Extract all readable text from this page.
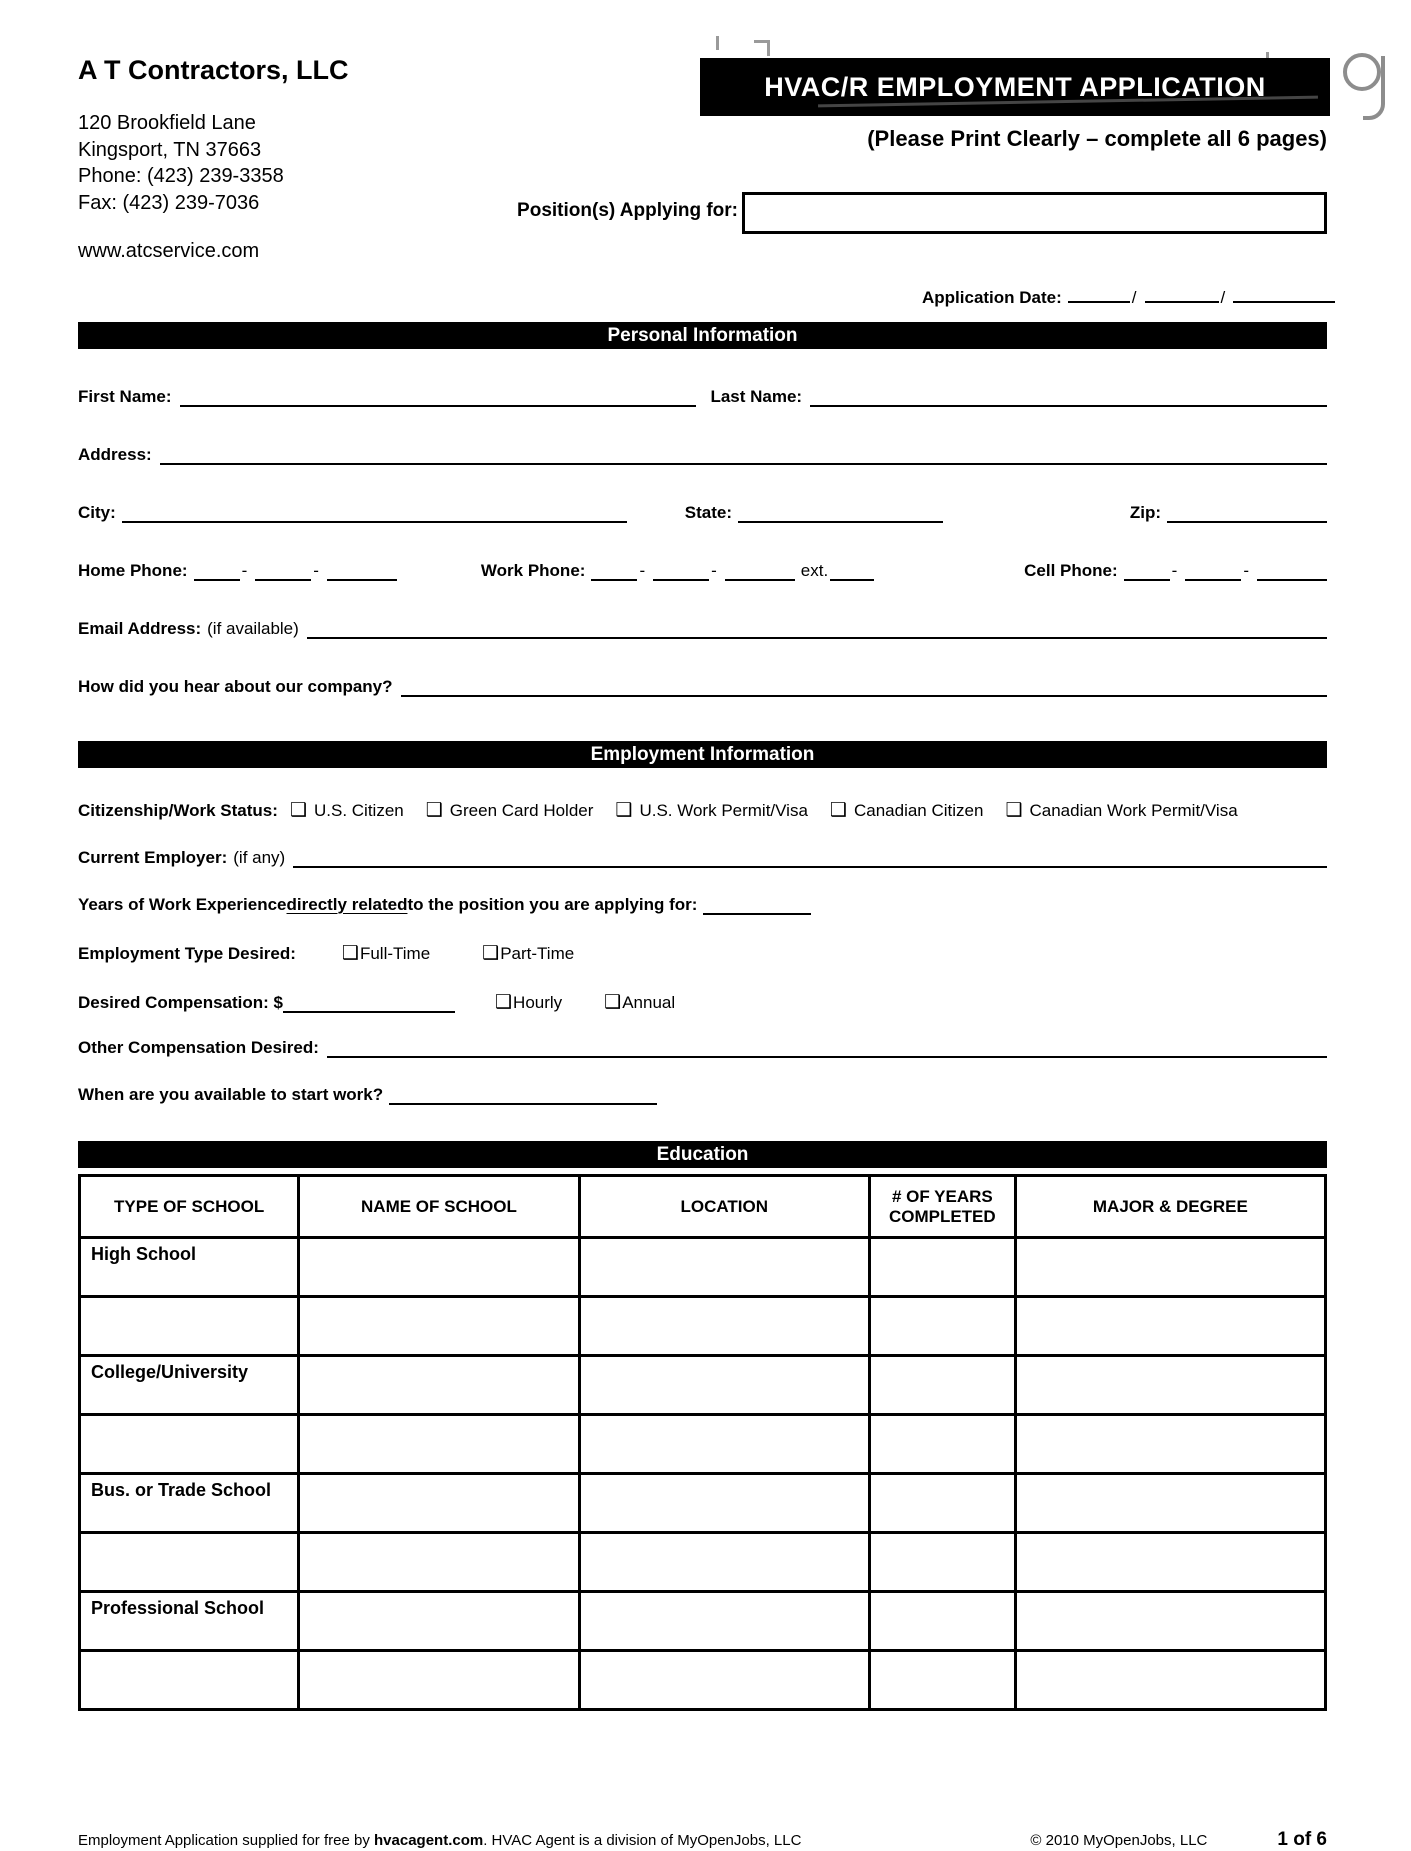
A T Contractors, LLC
120 Brookfield Lane
Kingsport, TN 37663
Phone: (423) 239-3358
Fax: (423) 239-7036
www.atcservice.com
HVAC/R EMPLOYMENT APPLICATION
(Please Print Clearly – complete all 6 pages)
Position(s) Applying for:
Application Date:	/	/
Personal Information
First Name:	Last Name:
Address:
City:	State:	Zip:
Home Phone:	-	-	Work Phone:	-	-	ext.	Cell Phone:	-	-
Email Address: (if available)
How did you hear about our company?
Employment Information
Citizenship/Work Status: ❑ U.S. Citizen ❑ Green Card Holder ❑ U.S. Work Permit/Visa ❑ Canadian Citizen ❑ Canadian Work Permit/Visa
Current Employer: (if any)
Years of Work Experience directly related to the position you are applying for:
Employment Type Desired: ❑ Full-Time	❑ Part-Time
Desired Compensation: $	❑ Hourly ❑ Annual
Other Compensation Desired:
When are you available to start work?
Education
TYPE OF SCHOOL	NAME OF SCHOOL	LOCATION	# OF YEARS COMPLETED	MAJOR & DEGREE
High School				

College/University				

Bus. or Trade School				

Professional School				

Employment Application supplied for free by hvacagent.com. HVAC Agent is a division of MyOpenJobs, LLC	© 2010 MyOpenJobs, LLC	1 of 6
